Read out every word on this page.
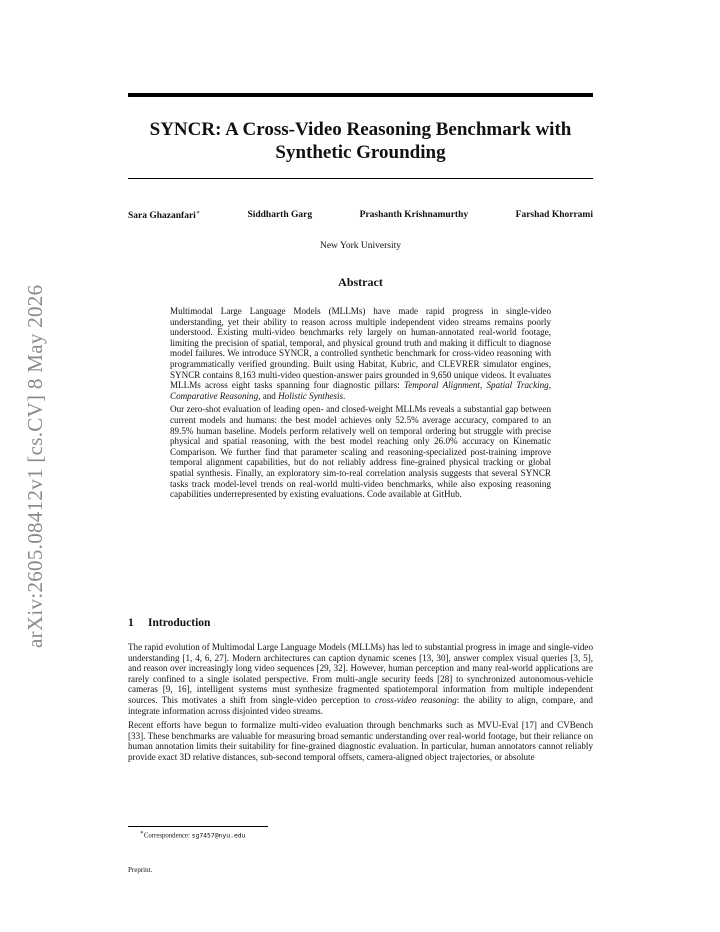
arXiv:2605.08412v1 [cs.CV] 8 May 2026
SYNCR: A Cross-Video Reasoning Benchmark with
Synthetic Grounding
Sara Ghazanfari∗	Siddharth Garg	Prashanth Krishnamurthy	Farshad Khorrami
New York University
Abstract

Multimodal Large Language Models (MLLMs) have made rapid progress in single-video understanding, yet their ability to reason across multiple independent video streams remains poorly understood. Existing multi-video benchmarks rely largely on human-annotated real-world footage, limiting the precision of spatial, temporal, and physical ground truth and making it difficult to diagnose model failures. We introduce SYNCR, a controlled synthetic benchmark for cross-video reasoning with programmatically verified grounding. Built using Habitat, Kubric, and CLEVRER simulator engines, SYNCR contains 8,163 multi-video question-answer pairs grounded in 9,650 unique videos. It evaluates MLLMs across eight tasks spanning four diagnostic pillars: Temporal Alignment, Spatial Tracking, Comparative Reasoning, and Holistic Synthesis.

Our zero-shot evaluation of leading open- and closed-weight MLLMs reveals a substantial gap between current models and humans: the best model achieves only 52.5% average accuracy, compared to an 89.5% human baseline. Models perform relatively well on temporal ordering but struggle with precise physical and spatial reasoning, with the best model reaching only 26.0% accuracy on Kinematic Comparison. We further find that parameter scaling and reasoning-specialized post-training improve temporal alignment capabilities, but do not reliably address fine-grained physical tracking or global spatial synthesis. Finally, an exploratory sim-to-real correlation analysis suggests that several SYNCR tasks track model-level trends on real-world multi-video benchmarks, while also exposing reasoning capabilities underrepresented by existing evaluations. Code available at GitHub.

1 Introduction

The rapid evolution of Multimodal Large Language Models (MLLMs) has led to substantial progress in image and single-video understanding [1, 4, 6, 27]. Modern architectures can caption dynamic scenes [13, 30], answer complex visual queries [3, 5], and reason over increasingly long video sequences [29, 32]. However, human perception and many real-world applications are rarely confined to a single isolated perspective. From multi-angle security feeds [28] to synchronized autonomous-vehicle cameras [9, 16], intelligent systems must synthesize fragmented spatiotemporal information from multiple independent sources. This motivates a shift from single-video perception to cross-video reasoning: the ability to align, compare, and integrate information across disjointed video streams.

Recent efforts have begun to formalize multi-video evaluation through benchmarks such as MVU-Eval [17] and CVBench [33]. These benchmarks are valuable for measuring broad semantic understanding over real-world footage, but their reliance on human annotation limits their suitability for fine-grained diagnostic evaluation. In particular, human annotators cannot reliably provide exact 3D relative distances, sub-second temporal offsets, camera-aligned object trajectories, or absolute

∗Correspondence: sg7457@nyu.edu
Preprint.
